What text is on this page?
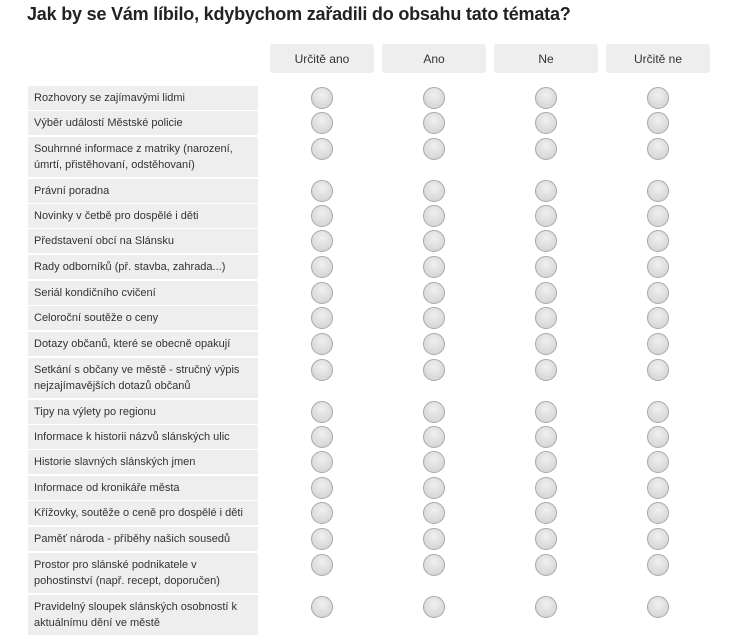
Jak by se Vám líbilo, kdybychom zařadili do obsahu tato témata?
Určitě ano	Ano	Ne	Určitě ne
Rozhovory se zajímavými lidmi
Výběr událostí Městské policie
Souhrnné informace z matriky (narození, úmrtí, přistěhovaní, odstěhovaní)
Právní poradna
Novinky v četbě pro dospělé i děti
Představení obcí na Slánsku
Rady odborníků (př. stavba, zahrada...)
Seriál kondičního cvičení
Celoroční soutěže o ceny
Dotazy občanů, které se obecně opakují
Setkání s občany ve městě - stručný výpis nejzajímavějších dotazů občanů
Tipy na výlety po regionu
Informace k historii názvů slánských ulic
Historie slavných slánských jmen
Informace od kronikáře města
Křížovky, soutěže o ceně pro dospělé i děti
Paměť národa - příběhy našich sousedů
Prostor pro slánské podnikatele v pohostinství (např. recept, doporučen)
Pravidelný sloupek slánských osobností k aktuálnímu dění ve městě
